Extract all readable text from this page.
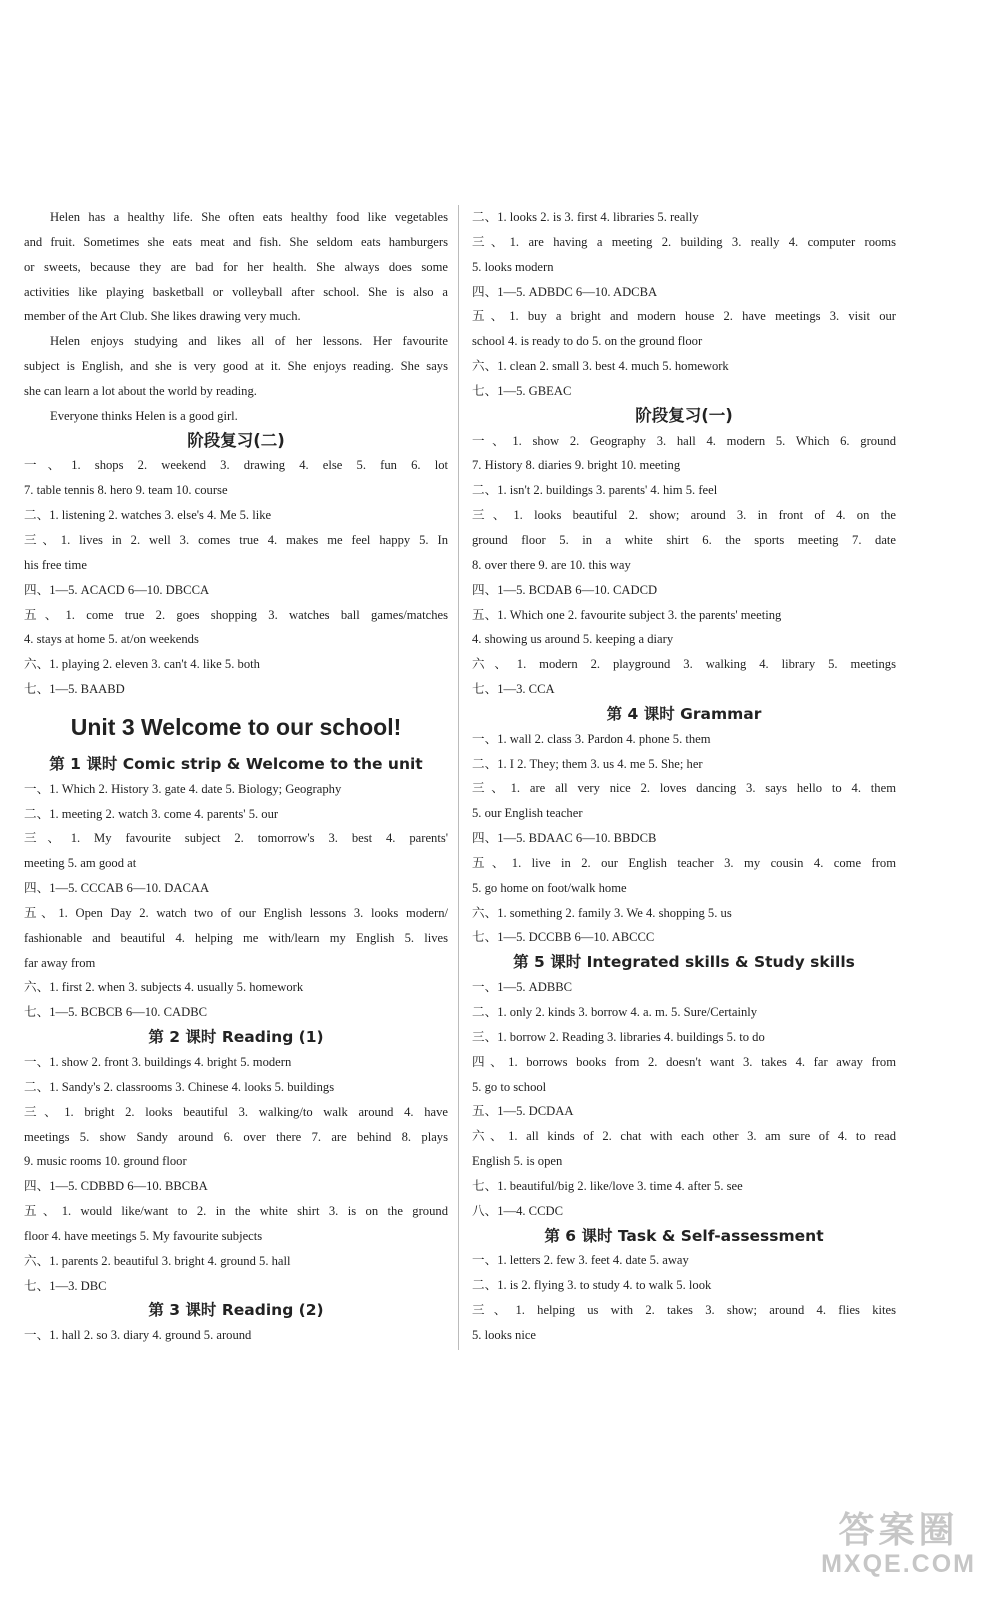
Helen has a healthy life. She often eats healthy food like vegetables
and fruit. Sometimes she eats meat and fish. She seldom eats hamburgers
or sweets, because they are bad for her health. She always does some
activities like playing basketball or volleyball after school. She is also a
member of the Art Club. She likes drawing very much.
Helen enjoys studying and likes all of her lessons. Her favourite
subject is English, and she is very good at it. She enjoys reading. She says
she can learn a lot about the world by reading.
Everyone thinks Helen is a good girl.
阶段复习(二)
一、1. shops 2. weekend 3. drawing 4. else 5. fun 6. lot
7. table tennis 8. hero 9. team 10. course
二、1. listening 2. watches 3. else's 4. Me 5. like
三、1. lives in 2. well 3. comes true 4. makes me feel happy 5. In
his free time
四、1—5. ACACD 6—10. DBCCA
五、1. come true 2. goes shopping 3. watches ball games/matches
4. stays at home 5. at/on weekends
六、1. playing 2. eleven 3. can't 4. like 5. both
七、1—5. BAABD
Unit 3 Welcome to our school!
第 1 课时 Comic strip & Welcome to the unit
一、1. Which 2. History 3. gate 4. date 5. Biology; Geography
二、1. meeting 2. watch 3. come 4. parents' 5. our
三、1. My favourite subject 2. tomorrow's 3. best 4. parents'
meeting 5. am good at
四、1—5. CCCAB 6—10. DACAA
五、1. Open Day 2. watch two of our English lessons 3. looks modern/
fashionable and beautiful 4. helping me with/learn my English 5. lives
far away from
六、1. first 2. when 3. subjects 4. usually 5. homework
七、1—5. BCBCB 6—10. CADBC
第 2 课时 Reading (1)
一、1. show 2. front 3. buildings 4. bright 5. modern
二、1. Sandy's 2. classrooms 3. Chinese 4. looks 5. buildings
三、1. bright 2. looks beautiful 3. walking/to walk around 4. have
meetings 5. show Sandy around 6. over there 7. are behind 8. plays
9. music rooms 10. ground floor
四、1—5. CDBBD 6—10. BBCBA
五、1. would like/want to 2. in the white shirt 3. is on the ground
floor 4. have meetings 5. My favourite subjects
六、1. parents 2. beautiful 3. bright 4. ground 5. hall
七、1—3. DBC
第 3 课时 Reading (2)
一、1. hall 2. so 3. diary 4. ground 5. around
二、1. looks 2. is 3. first 4. libraries 5. really
三、1. are having a meeting 2. building 3. really 4. computer rooms
5. looks modern
四、1—5. ADBDC 6—10. ADCBA
五、1. buy a bright and modern house 2. have meetings 3. visit our
school 4. is ready to do 5. on the ground floor
六、1. clean 2. small 3. best 4. much 5. homework
七、1—5. GBEAC
阶段复习(一)
一、1. show 2. Geography 3. hall 4. modern 5. Which 6. ground
7. History 8. diaries 9. bright 10. meeting
二、1. isn't 2. buildings 3. parents' 4. him 5. feel
三、1. looks beautiful 2. show; around 3. in front of 4. on the
ground floor 5. in a white shirt 6. the sports meeting 7. date
8. over there 9. are 10. this way
四、1—5. BCDAB 6—10. CADCD
五、1. Which one 2. favourite subject 3. the parents' meeting
4. showing us around 5. keeping a diary
六、1. modern 2. playground 3. walking 4. library 5. meetings
七、1—3. CCA
第 4 课时 Grammar
一、1. wall 2. class 3. Pardon 4. phone 5. them
二、1. I 2. They; them 3. us 4. me 5. She; her
三、1. are all very nice 2. loves dancing 3. says hello to 4. them
5. our English teacher
四、1—5. BDAAC 6—10. BBDCB
五、1. live in 2. our English teacher 3. my cousin 4. come from
5. go home on foot/walk home
六、1. something 2. family 3. We 4. shopping 5. us
七、1—5. DCCBB 6—10. ABCCC
第 5 课时 Integrated skills & Study skills
一、1—5. ADBBC
二、1. only 2. kinds 3. borrow 4. a. m. 5. Sure/Certainly
三、1. borrow 2. Reading 3. libraries 4. buildings 5. to do
四、1. borrows books from 2. doesn't want 3. takes 4. far away from
5. go to school
五、1—5. DCDAA
六、1. all kinds of 2. chat with each other 3. am sure of 4. to read
English 5. is open
七、1. beautiful/big 2. like/love 3. time 4. after 5. see
八、1—4. CCDC
第 6 课时 Task & Self-assessment
一、1. letters 2. few 3. feet 4. date 5. away
二、1. is 2. flying 3. to study 4. to walk 5. look
三、1. helping us with 2. takes 3. show; around 4. flies kites
5. looks nice
答案圈
MXQE.COM
